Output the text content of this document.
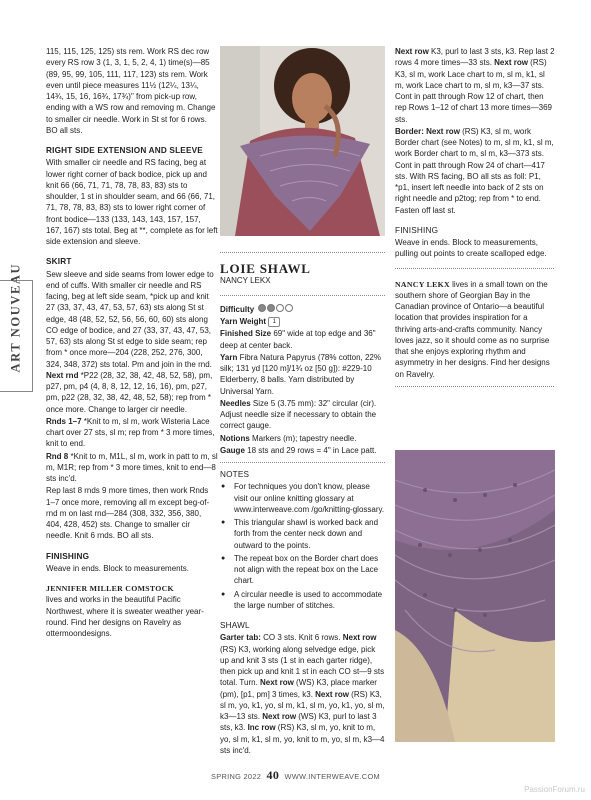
ART NOUVEAU

115, 115, 125, 125) sts rem. Work RS dec row every RS row 3 (1, 3, 1, 5, 2, 4, 1) time(s)—85 (89, 95, 99, 105, 111, 117, 123) sts rem. Work even until piece measures 11½ (12¼, 13¼, 14¾, 15, 16, 16¾, 17¾)" from pick-up row, ending with a WS row and removing m. Change to smaller cir needle. Work in St st for 6 rows. BO all sts.

RIGHT SIDE EXTENSION AND SLEEVE

With smaller cir needle and RS facing, beg at lower right corner of back bodice, pick up and knit 66 (66, 71, 71, 78, 78, 83, 83) sts to shoulder, 1 st in shoulder seam, and 66 (66, 71, 71, 78, 78, 83, 83) sts to lower right corner of front bodice—133 (133, 143, 143, 157, 157, 167, 167) sts total. Beg at **, complete as for left side extension and sleeve.

SKIRT

Sew sleeve and side seams from lower edge to end of cuffs. With smaller cir needle and RS facing, beg at left side seam, *pick up and knit 27 (33, 37, 43, 47, 53, 57, 63) sts along St st edge, 48 (48, 52, 52, 56, 56, 60, 60) sts along CO edge of bodice, and 27 (33, 37, 43, 47, 53, 57, 63) sts along St st edge to side seam; rep from * once more—204 (228, 252, 276, 300, 324, 348, 372) sts total. Pm and join in the rnd. Next rnd *P22 (28, 32, 38, 42, 48, 52, 58), pm, p27, pm, p4 (4, 8, 8, 12, 12, 16, 16), pm, p27, pm, p22 (28, 32, 38, 42, 48, 52, 58); rep from * once more. Change to larger cir needle.

Rnds 1–7 *Knit to m, sl m, work Wisteria Lace chart over 27 sts, sl m; rep from * 3 more times, knit to end.

Rnd 8 *Knit to m, M1L, sl m, work in patt to m, sl m, M1R; rep from * 3 more times, knit to end—8 sts inc'd.

Rep last 8 rnds 9 more times, then work Rnds 1–7 once more, removing all m except beg-of-rnd m on last rnd—284 (308, 332, 356, 380, 404, 428, 452) sts. Change to smaller cir needle. Knit 6 rnds. BO all sts.

FINISHING

Weave in ends. Block to measurements.

JENNIFER MILLER COMSTOCK
lives and works in the beautiful Pacific Northwest, where it is sweater weather year-round. Find her designs on Ravelry as ottermoondesigns.

LOIE SHAWL

NANCY LEKX

Difficulty

Yarn Weight 1

Finished Size 69" wide at top edge and 36" deep at center back.

Yarn Fibra Natura Papyrus (78% cotton, 22% silk; 131 yd [120 m]/1¾ oz [50 g]): #229-10 Elderberry, 8 balls. Yarn distributed by Universal Yarn.

Needles Size 5 (3.75 mm): 32" circular (cir). Adjust needle size if necessary to obtain the correct gauge.

Notions Markers (m); tapestry needle.

Gauge 18 sts and 29 rows = 4" in Lace patt.

NOTES

● For techniques you don't know, please visit our online knitting glossary at www.interweave.com /go/knitting-glossary.
● This triangular shawl is worked back and forth from the center neck down and outward to the points.
● The repeat box on the Border chart does not align with the repeat box on the Lace chart.
● A circular needle is used to accommodate the large number of stitches.

SHAWL

Garter tab: CO 3 sts. Knit 6 rows. Next row (RS) K3, working along selvedge edge, pick up and knit 3 sts (1 st in each garter ridge), then pick up and knit 1 st in each CO st—9 sts total. Turn. Next row (WS) K3, place marker (pm), [p1, pm] 3 times, k3. Next row (RS) K3, sl m, yo, k1, yo, sl m, k1, sl m, yo, k1, yo, sl m, k3—13 sts. Next row (WS) K3, purl to last 3 sts, k3. Inc row (RS) K3, sl m, yo, knit to m, yo, sl m, k1, sl m, yo, knit to m, yo, sl m, k3—4 sts inc'd.

Next row K3, purl to last 3 sts, k3. Rep last 2 rows 4 more times—33 sts. Next row (RS) K3, sl m, work Lace chart to m, sl m, k1, sl m, work Lace chart to m, sl m, k3—37 sts. Cont in patt through Row 12 of chart, then rep Rows 1–12 of chart 13 more times—369 sts.

Border: Next row (RS) K3, sl m, work Border chart (see Notes) to m, sl m, k1, sl m, work Border chart to m, sl m, k3—373 sts. Cont in patt through Row 24 of chart—417 sts. With RS facing, BO all sts as foll: P1, *p1, insert left needle into back of 2 sts on right needle and p2tog; rep from * to end. Fasten off last st.

FINISHING

Weave in ends. Block to measurements, pulling out points to create scalloped edge.

NANCY LEKX lives in a small town on the southern shore of Georgian Bay in the Canadian province of Ontario—a beautiful location that provides inspiration for a thriving arts-and-crafts community. Nancy loves jazz, so it should come as no surprise that she enjoys exploring rhythm and asymmetry in her designs. Find her designs on Ravelry.

SPRING 2022 40 WWW.INTERWEAVE.COM
PassionForum.ru
